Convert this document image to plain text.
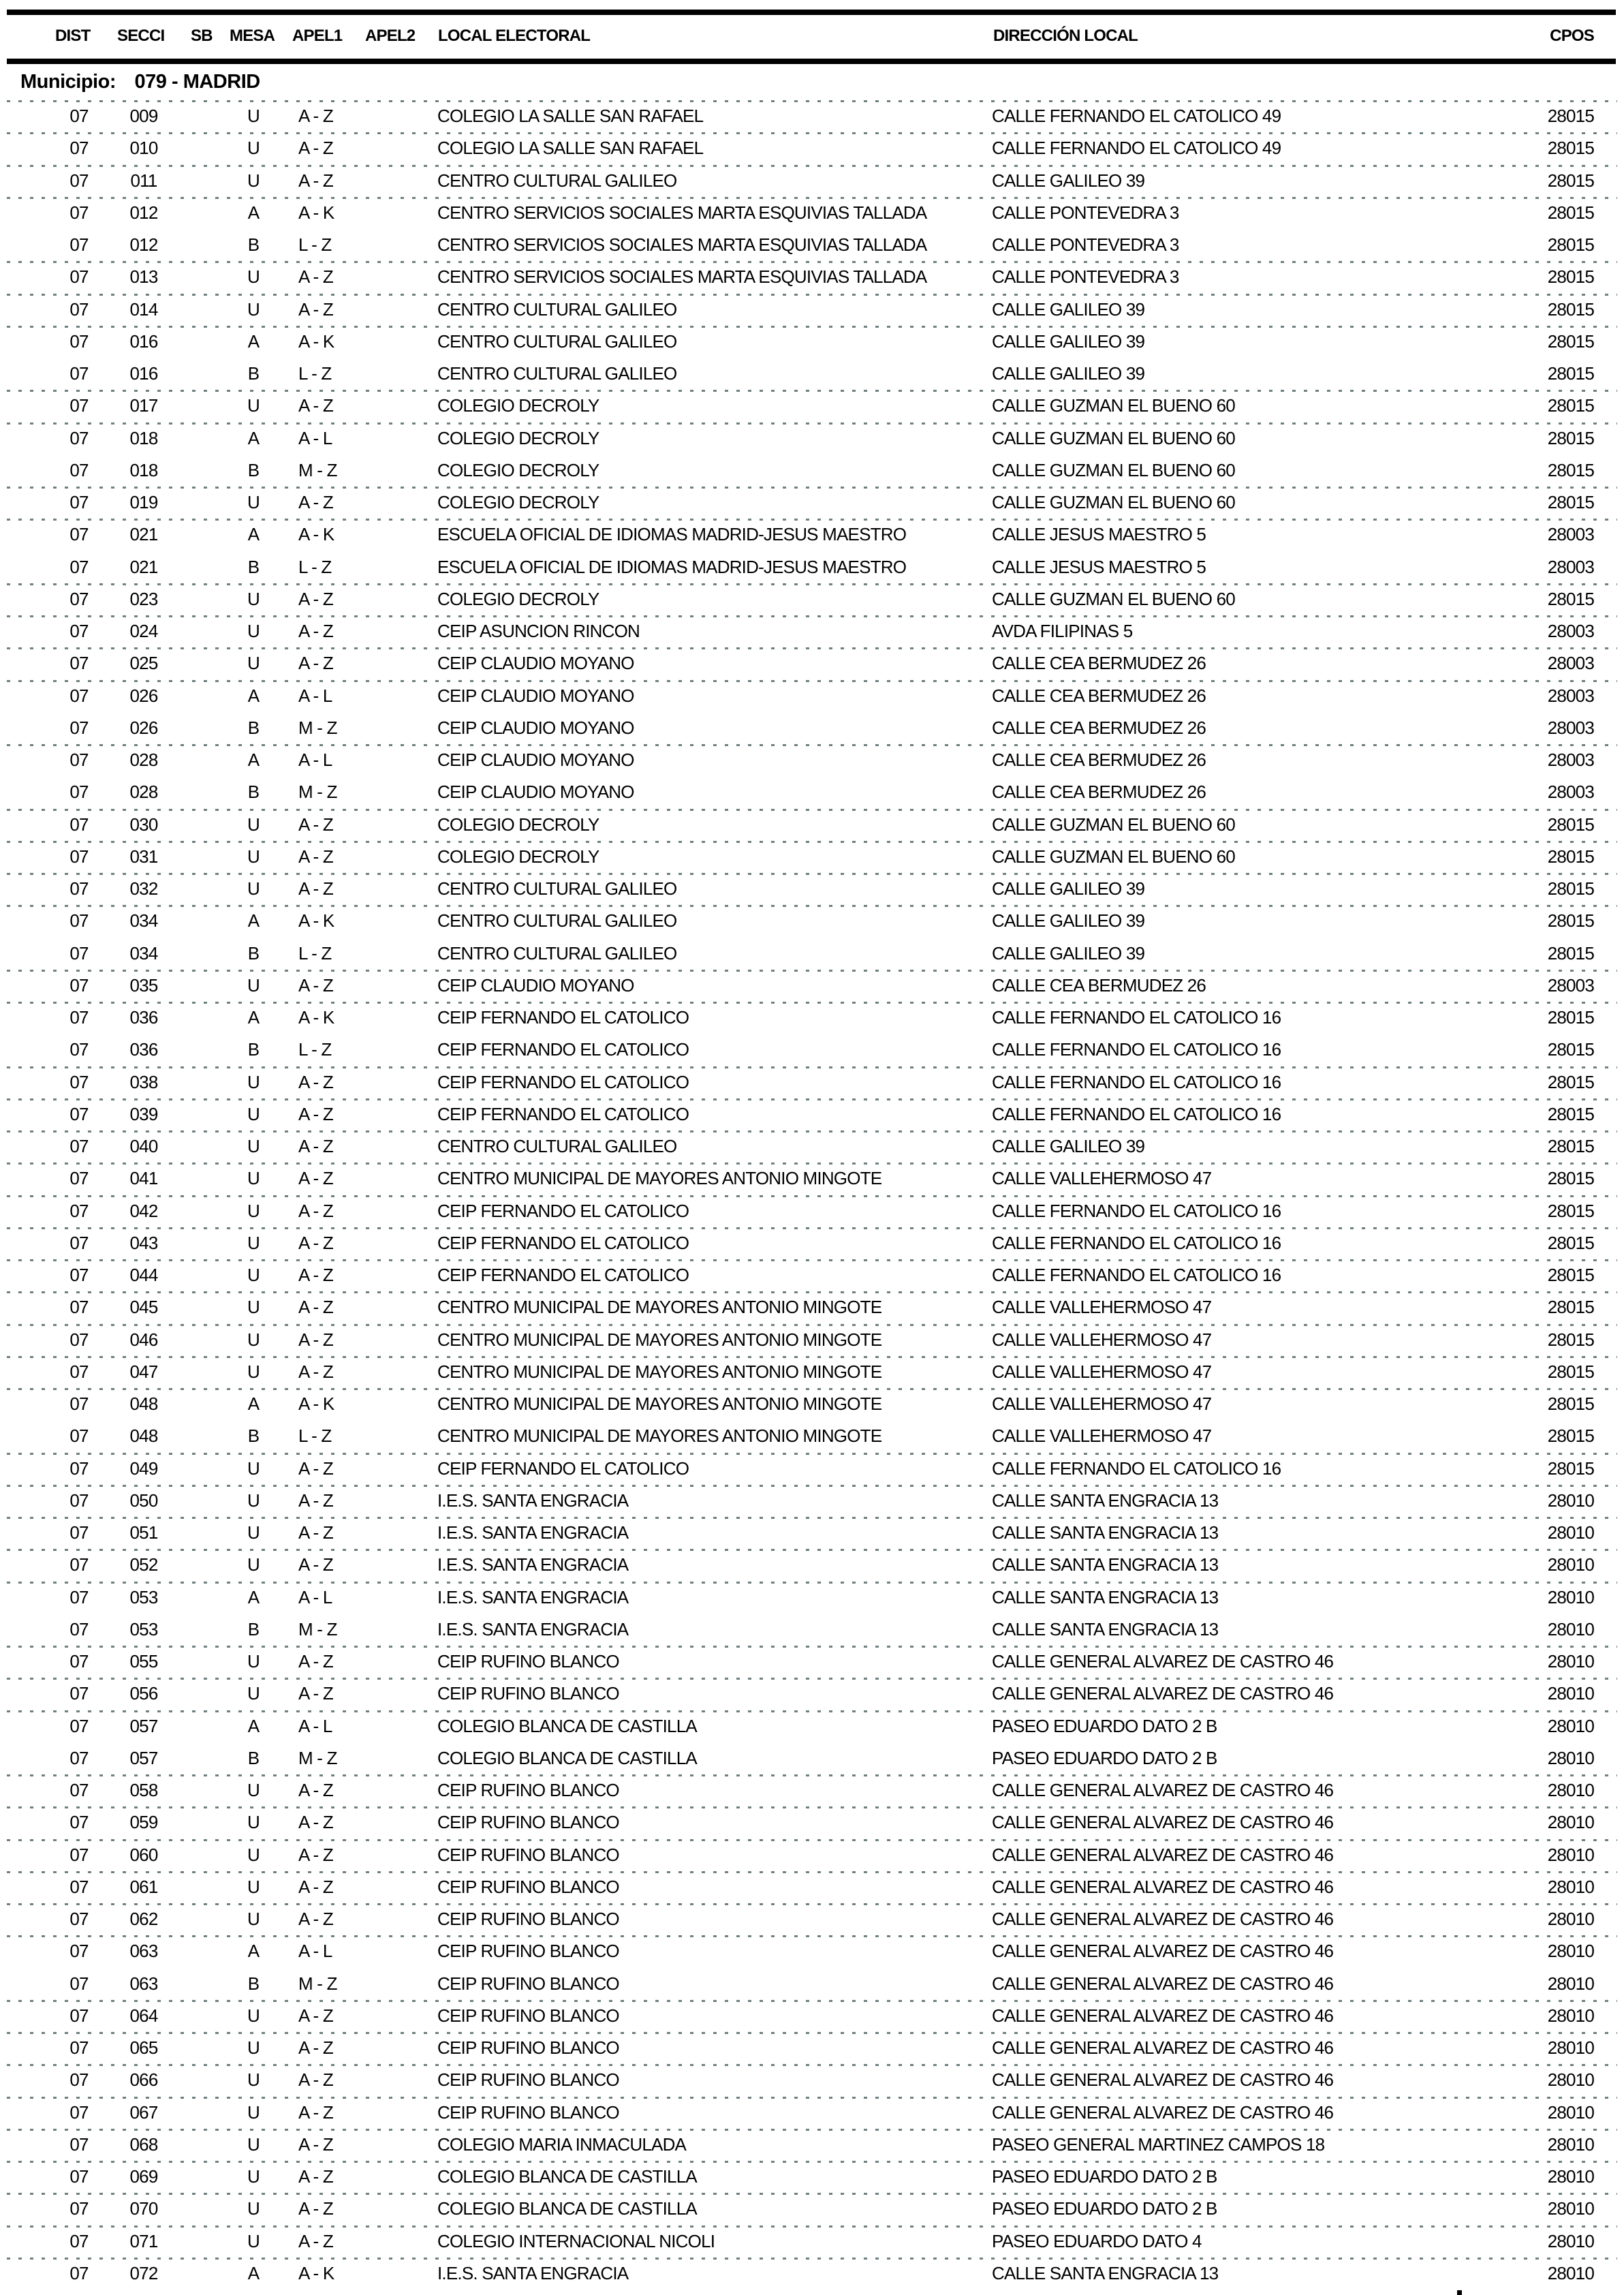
DIST SECCI SB MESA APEL1 APEL2 LOCAL ELECTORAL	DIRECCIÓN LOCAL	CPOS
Municipio: 079 - MADRID
07	009	U	A - Z	COLEGIO LA SALLE SAN RAFAEL	CALLE FERNANDO EL CATOLICO 49	28015
07	010	U	A - Z	COLEGIO LA SALLE SAN RAFAEL	CALLE FERNANDO EL CATOLICO 49	28015
07	011	U	A - Z	CENTRO CULTURAL GALILEO	CALLE GALILEO 39	28015
07	012	A	A - K	CENTRO SERVICIOS SOCIALES MARTA ESQUIVIAS TALLADA	CALLE PONTEVEDRA 3	28015
07	012	B	L - Z	CENTRO SERVICIOS SOCIALES MARTA ESQUIVIAS TALLADA	CALLE PONTEVEDRA 3	28015
07	013	U	A - Z	CENTRO SERVICIOS SOCIALES MARTA ESQUIVIAS TALLADA	CALLE PONTEVEDRA 3	28015
07	014	U	A - Z	CENTRO CULTURAL GALILEO	CALLE GALILEO 39	28015
07	016	A	A - K	CENTRO CULTURAL GALILEO	CALLE GALILEO 39	28015
07	016	B	L - Z	CENTRO CULTURAL GALILEO	CALLE GALILEO 39	28015
07	017	U	A - Z	COLEGIO DECROLY	CALLE GUZMAN EL BUENO 60	28015
07	018	A	A - L	COLEGIO DECROLY	CALLE GUZMAN EL BUENO 60	28015
07	018	B	M - Z	COLEGIO DECROLY	CALLE GUZMAN EL BUENO 60	28015
07	019	U	A - Z	COLEGIO DECROLY	CALLE GUZMAN EL BUENO 60	28015
07	021	A	A - K	ESCUELA OFICIAL DE IDIOMAS MADRID-JESUS MAESTRO	CALLE JESUS MAESTRO 5	28003
07	021	B	L - Z	ESCUELA OFICIAL DE IDIOMAS MADRID-JESUS MAESTRO	CALLE JESUS MAESTRO 5	28003
07	023	U	A - Z	COLEGIO DECROLY	CALLE GUZMAN EL BUENO 60	28015
07	024	U	A - Z	CEIP ASUNCION RINCON	AVDA FILIPINAS 5	28003
07	025	U	A - Z	CEIP CLAUDIO MOYANO	CALLE CEA BERMUDEZ 26	28003
07	026	A	A - L	CEIP CLAUDIO MOYANO	CALLE CEA BERMUDEZ 26	28003
07	026	B	M - Z	CEIP CLAUDIO MOYANO	CALLE CEA BERMUDEZ 26	28003
07	028	A	A - L	CEIP CLAUDIO MOYANO	CALLE CEA BERMUDEZ 26	28003
07	028	B	M - Z	CEIP CLAUDIO MOYANO	CALLE CEA BERMUDEZ 26	28003
07	030	U	A - Z	COLEGIO DECROLY	CALLE GUZMAN EL BUENO 60	28015
07	031	U	A - Z	COLEGIO DECROLY	CALLE GUZMAN EL BUENO 60	28015
07	032	U	A - Z	CENTRO CULTURAL GALILEO	CALLE GALILEO 39	28015
07	034	A	A - K	CENTRO CULTURAL GALILEO	CALLE GALILEO 39	28015
07	034	B	L - Z	CENTRO CULTURAL GALILEO	CALLE GALILEO 39	28015
07	035	U	A - Z	CEIP CLAUDIO MOYANO	CALLE CEA BERMUDEZ 26	28003
07	036	A	A - K	CEIP FERNANDO EL CATOLICO	CALLE FERNANDO EL CATOLICO 16	28015
07	036	B	L - Z	CEIP FERNANDO EL CATOLICO	CALLE FERNANDO EL CATOLICO 16	28015
07	038	U	A - Z	CEIP FERNANDO EL CATOLICO	CALLE FERNANDO EL CATOLICO 16	28015
07	039	U	A - Z	CEIP FERNANDO EL CATOLICO	CALLE FERNANDO EL CATOLICO 16	28015
07	040	U	A - Z	CENTRO CULTURAL GALILEO	CALLE GALILEO 39	28015
07	041	U	A - Z	CENTRO MUNICIPAL DE MAYORES ANTONIO MINGOTE	CALLE VALLEHERMOSO 47	28015
07	042	U	A - Z	CEIP FERNANDO EL CATOLICO	CALLE FERNANDO EL CATOLICO 16	28015
07	043	U	A - Z	CEIP FERNANDO EL CATOLICO	CALLE FERNANDO EL CATOLICO 16	28015
07	044	U	A - Z	CEIP FERNANDO EL CATOLICO	CALLE FERNANDO EL CATOLICO 16	28015
07	045	U	A - Z	CENTRO MUNICIPAL DE MAYORES ANTONIO MINGOTE	CALLE VALLEHERMOSO 47	28015
07	046	U	A - Z	CENTRO MUNICIPAL DE MAYORES ANTONIO MINGOTE	CALLE VALLEHERMOSO 47	28015
07	047	U	A - Z	CENTRO MUNICIPAL DE MAYORES ANTONIO MINGOTE	CALLE VALLEHERMOSO 47	28015
07	048	A	A - K	CENTRO MUNICIPAL DE MAYORES ANTONIO MINGOTE	CALLE VALLEHERMOSO 47	28015
07	048	B	L - Z	CENTRO MUNICIPAL DE MAYORES ANTONIO MINGOTE	CALLE VALLEHERMOSO 47	28015
07	049	U	A - Z	CEIP FERNANDO EL CATOLICO	CALLE FERNANDO EL CATOLICO 16	28015
07	050	U	A - Z	I.E.S. SANTA ENGRACIA	CALLE SANTA ENGRACIA 13	28010
07	051	U	A - Z	I.E.S. SANTA ENGRACIA	CALLE SANTA ENGRACIA 13	28010
07	052	U	A - Z	I.E.S. SANTA ENGRACIA	CALLE SANTA ENGRACIA 13	28010
07	053	A	A - L	I.E.S. SANTA ENGRACIA	CALLE SANTA ENGRACIA 13	28010
07	053	B	M - Z	I.E.S. SANTA ENGRACIA	CALLE SANTA ENGRACIA 13	28010
07	055	U	A - Z	CEIP RUFINO BLANCO	CALLE GENERAL ALVAREZ DE CASTRO 46	28010
07	056	U	A - Z	CEIP RUFINO BLANCO	CALLE GENERAL ALVAREZ DE CASTRO 46	28010
07	057	A	A - L	COLEGIO BLANCA DE CASTILLA	PASEO EDUARDO DATO 2 B	28010
07	057	B	M - Z	COLEGIO BLANCA DE CASTILLA	PASEO EDUARDO DATO 2 B	28010
07	058	U	A - Z	CEIP RUFINO BLANCO	CALLE GENERAL ALVAREZ DE CASTRO 46	28010
07	059	U	A - Z	CEIP RUFINO BLANCO	CALLE GENERAL ALVAREZ DE CASTRO 46	28010
07	060	U	A - Z	CEIP RUFINO BLANCO	CALLE GENERAL ALVAREZ DE CASTRO 46	28010
07	061	U	A - Z	CEIP RUFINO BLANCO	CALLE GENERAL ALVAREZ DE CASTRO 46	28010
07	062	U	A - Z	CEIP RUFINO BLANCO	CALLE GENERAL ALVAREZ DE CASTRO 46	28010
07	063	A	A - L	CEIP RUFINO BLANCO	CALLE GENERAL ALVAREZ DE CASTRO 46	28010
07	063	B	M - Z	CEIP RUFINO BLANCO	CALLE GENERAL ALVAREZ DE CASTRO 46	28010
07	064	U	A - Z	CEIP RUFINO BLANCO	CALLE GENERAL ALVAREZ DE CASTRO 46	28010
07	065	U	A - Z	CEIP RUFINO BLANCO	CALLE GENERAL ALVAREZ DE CASTRO 46	28010
07	066	U	A - Z	CEIP RUFINO BLANCO	CALLE GENERAL ALVAREZ DE CASTRO 46	28010
07	067	U	A - Z	CEIP RUFINO BLANCO	CALLE GENERAL ALVAREZ DE CASTRO 46	28010
07	068	U	A - Z	COLEGIO MARIA INMACULADA	PASEO GENERAL MARTINEZ CAMPOS 18	28010
07	069	U	A - Z	COLEGIO BLANCA DE CASTILLA	PASEO EDUARDO DATO 2 B	28010
07	070	U	A - Z	COLEGIO BLANCA DE CASTILLA	PASEO EDUARDO DATO 2 B	28010
07	071	U	A - Z	COLEGIO INTERNACIONAL NICOLI	PASEO EDUARDO DATO 4	28010
07	072	A	A - K	I.E.S. SANTA ENGRACIA	CALLE SANTA ENGRACIA 13	28010
